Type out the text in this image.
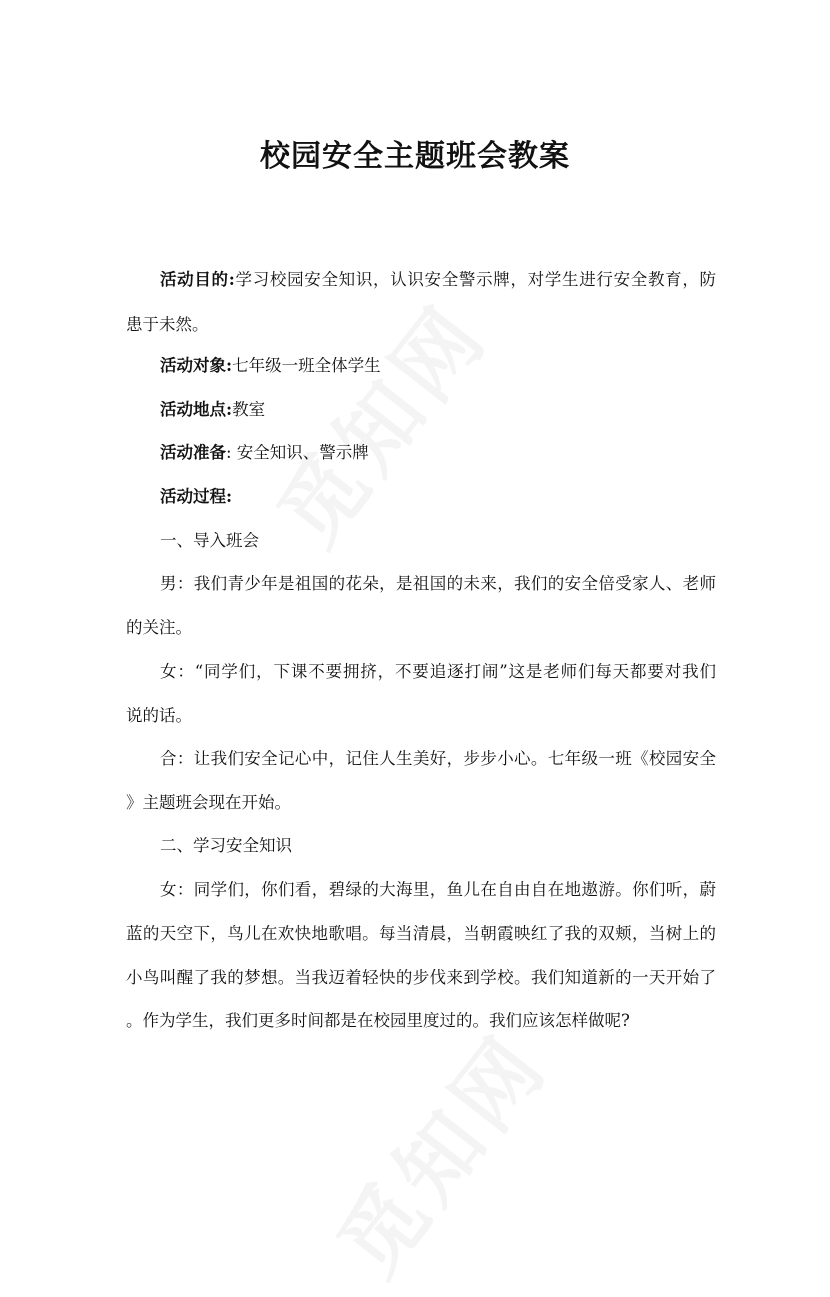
校园安全主题班会教案

活动目的:学习校园安全知识，认识安全警示牌，对学生进行安全教育，防

患于未然。

活动对象:七年级一班全体学生

活动地点:教室

活动准备: 安全知识、警示牌

活动过程:

一、导入班会

男：我们青少年是祖国的花朵，是祖国的未来，我们的安全倍受家人、老师

的关注。

女：“同学们，下课不要拥挤，不要追逐打闹”这是老师们每天都要对我们

说的话。

合：让我们安全记心中，记住人生美好，步步小心。七年级一班《校园安全

》主题班会现在开始。

二、学习安全知识

女：同学们，你们看，碧绿的大海里，鱼儿在自由自在地遨游。你们听，蔚

蓝的天空下，鸟儿在欢快地歌唱。每当清晨，当朝霞映红了我的双颊，当树上的

小鸟叫醒了我的梦想。当我迈着轻快的步伐来到学校。我们知道新的一天开始了

。作为学生，我们更多时间都是在校园里度过的。我们应该怎样做呢?
